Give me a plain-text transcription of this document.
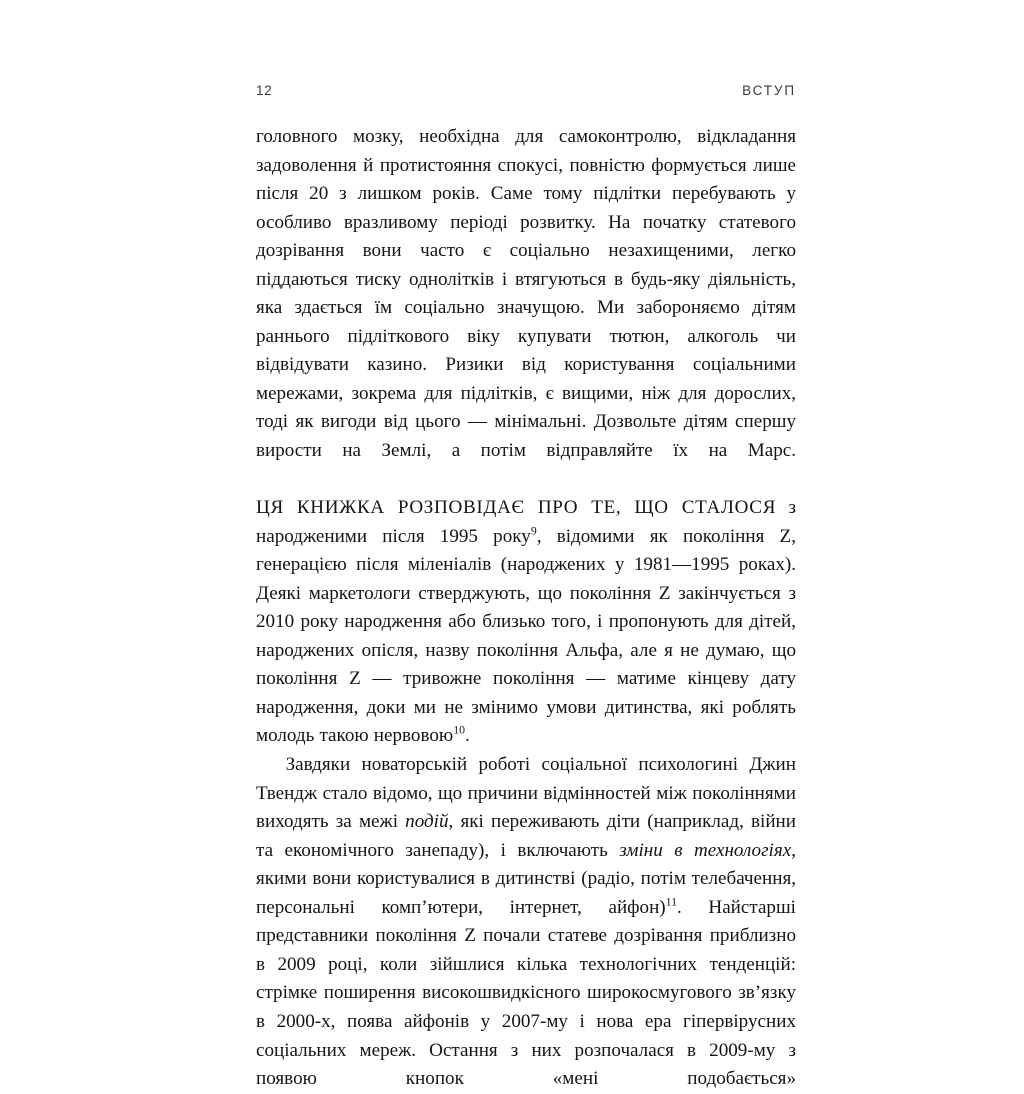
12	ВСТУП

головного мозку, необхідна для самоконтролю, відкладання задоволення й протистояння спокусі, повністю формується лише після 20 з лишком років. Саме тому підлітки перебувають у особливо вразливому періоді розвитку. На початку статевого дозрівання вони часто є соціально незахищеними, легко піддаються тиску однолітків і втягуються в будь-яку діяльність, яка здається їм соціально значущою. Ми забороняємо дітям раннього підліткового віку купувати тютюн, алкоголь чи відвідувати казино. Ризики від користування соціальними мережами, зокрема для підлітків, є вищими, ніж для дорослих, тоді як вигоди від цього — мінімальні. Дозвольте дітям спершу вирости на Землі, а потім відправляйте їх на Марс.

ЦЯ КНИЖКА РОЗПОВІДАЄ ПРО ТЕ, ЩО СТАЛОСЯ з народженими після 1995 року$^9$, відомими як покоління Z, генерацією після міленіалів (народжених у 1981—1995 роках). Деякі маркетологи стверджують, що покоління Z закінчується з 2010 року народження або близько того, і пропонують для дітей, народжених опісля, назву покоління Альфа, але я не думаю, що покоління Z — тривожне покоління — матиме кінцеву дату народження, доки ми не змінимо умови дитинства, які роблять молодь такою нервовою$^{10}$.

Завдяки новаторській роботі соціальної психологині Джин Твендж стало відомо, що причини відмінностей між поколіннями виходять за межі подій, які переживають діти (наприклад, війни та економічного занепаду), і включають зміни в технологіях, якими вони користувалися в дитинстві (радіо, потім телебачення, персональні комп’ютери, інтернет, айфон)$^{11}$. Найстарші представники покоління Z почали статеве дозрівання приблизно в 2009 році, коли зійшлися кілька технологічних тенденцій: стрімке поширення високошвидкісного широкосмугового зв’язку в 2000-х, поява айфонів у 2007-му і нова ера гіпервірусних соціальних мереж. Остання з них розпочалася в 2009-му з появою кнопок «мені подобається»
